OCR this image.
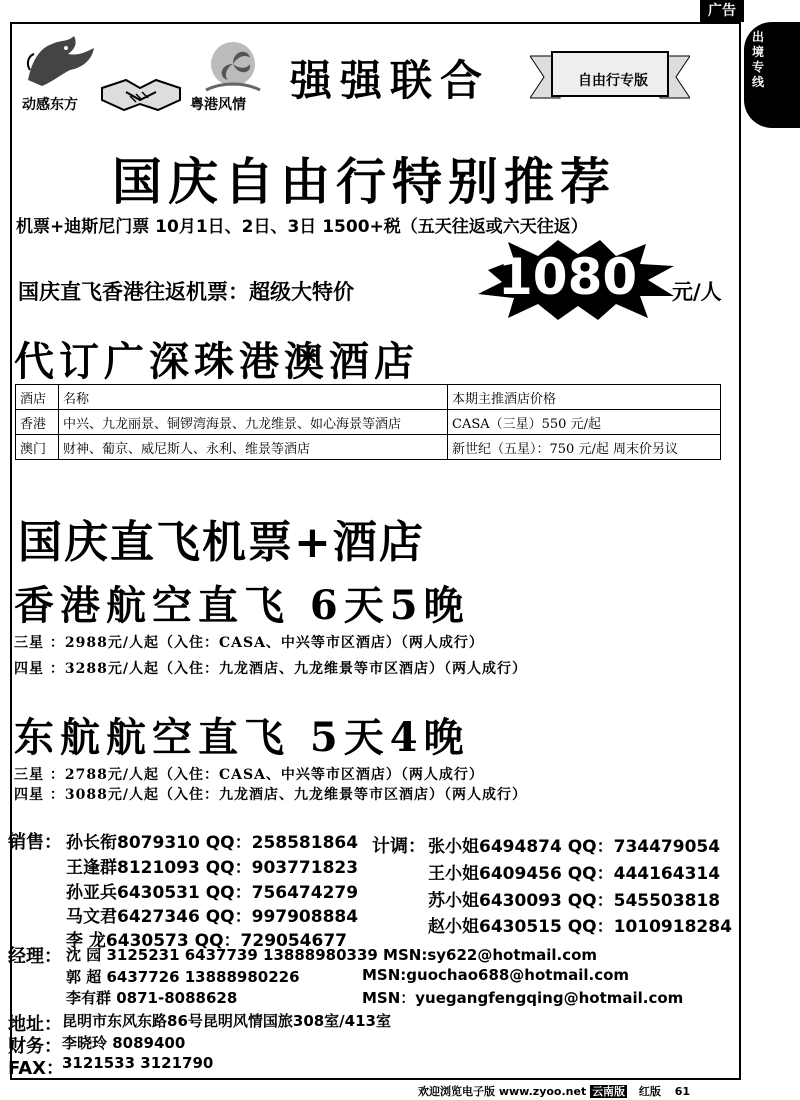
广告
出境专线
动感东方	粤港风情 强强联合	自由行专版
国庆自由行特别推荐
机票+迪斯尼门票 10月1日、2日、3日 1500+税（五天往返或六天往返）
国庆直飞香港往返机票：超级大特价	1080 元/人
代订广深珠港澳酒店
酒店	名称	本期主推酒店价格
香港	中兴、九龙丽景、铜锣湾海景、九龙维景、如心海景等酒店	CASA（三星）550 元/起
澳门	财神、葡京、威尼斯人、永利、维景等酒店	新世纪（五星）：750 元/起 周末价另议
国庆直飞机票+酒店
香港航空直飞 6天5晚
三星 ：2988元/人起（入住：CASA、中兴等市区酒店）（两人成行）
四星 ：3288元/人起（入住：九龙酒店、九龙维景等市区酒店）（两人成行）
东航航空直飞 5天4晚
三星 ：2788元/人起（入住：CASA、中兴等市区酒店）（两人成行）
四星 ：3088元/人起（入住：九龙酒店、九龙维景等市区酒店）（两人成行）
销售： 孙长衔8079310 QQ：258581864
王逢群8121093 QQ：903771823
孙亚兵6430531 QQ：756474279
马文君6427346 QQ：997908884
李 龙6430573 QQ：729054677
计调： 张小姐6494874 QQ：734479054
王小姐6409456 QQ：444164314
苏小姐6430093 QQ：545503818
赵小姐6430515 QQ：1010918284
经理： 沈 园 3125231 6437739 13888980339 MSN:sy622@hotmail.com
郭 超 6437726 13888980226
李有群 0871-8088628
MSN:guochao688@hotmail.com
MSN：yuegangfengqing@hotmail.com
地址： 昆明市东风东路86号昆明风情国旅308室/413室
财务： 李晓玲 8089400
FAX：
3121533 3121790
欢迎浏览电子版 www.zyoo.net 云南版 红版 61
